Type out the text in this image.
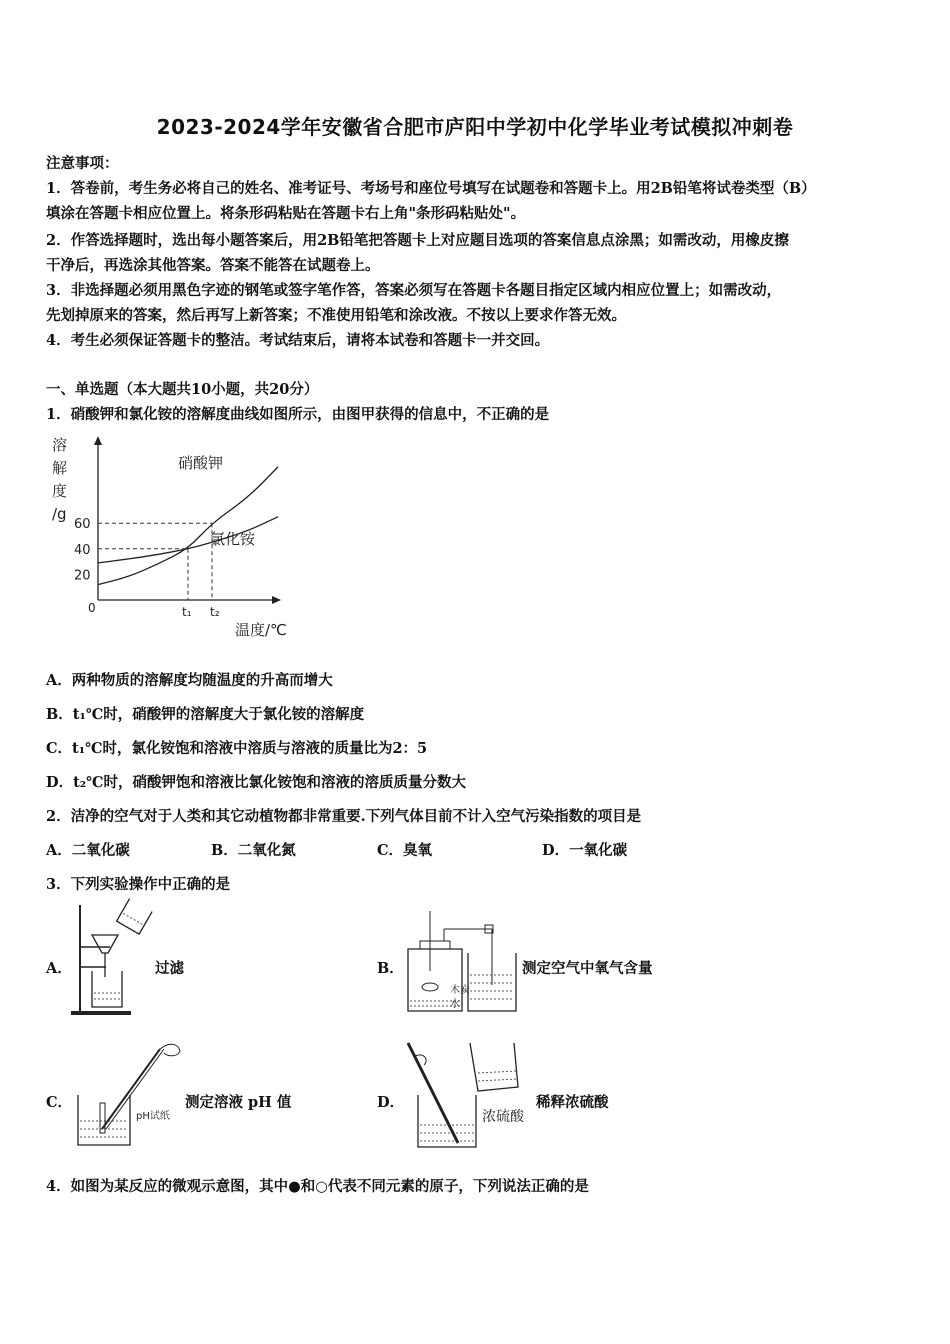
2023-2024学年安徽省合肥市庐阳中学初中化学毕业考试模拟冲刺卷
注意事项：
1．答卷前，考生务必将自己的姓名、准考证号、考场号和座位号填写在试题卷和答题卡上。用2B铅笔将试卷类型（B）
填涂在答题卡相应位置上。将条形码粘贴在答题卡右上角"条形码粘贴处"。
2．作答选择题时，选出每小题答案后，用2B铅笔把答题卡上对应题目选项的答案信息点涂黑；如需改动，用橡皮擦
干净后，再选涂其他答案。答案不能答在试题卷上。
3．非选择题必须用黑色字迹的钢笔或签字笔作答，答案必须写在答题卡各题目指定区域内相应位置上；如需改动，
先划掉原来的答案，然后再写上新答案；不准使用铅笔和涂改液。不按以上要求作答无效。
4．考生必须保证答题卡的整洁。考试结束后，请将本试卷和答题卡一并交回。
一、单选题（本大题共10小题，共20分）
1．硝酸钾和氯化铵的溶解度曲线如图所示，由图甲获得的信息中，不正确的是
溶
解
度
/g
20
40
60
t₁ t₂
硝酸钾
氯化铵
0
温度/℃
A．两种物质的溶解度均随温度的升高而增大
B．t₁℃时，硝酸钾的溶解度大于氯化铵的溶解度
C．t₁℃时，氯化铵饱和溶液中溶质与溶液的质量比为2：5
D．t₂℃时，硝酸钾饱和溶液比氯化铵饱和溶液的溶质质量分数大
2．洁净的空气对于人类和其它动植物都非常重要.下列气体目前不计入空气污染指数的项目是
A．二氧化碳	B．二氧化氮	C．臭氧	D．一氧化碳
3．下列实验操作中正确的是
A．	过滤	B．
木炭
水
测定空气中氧气含量
C．
pH试纸
测定溶液 pH 值	D．
浓硫酸
稀释浓硫酸
4．如图为某反应的微观示意图，其中●和○代表不同元素的原子，下列说法正确的是
